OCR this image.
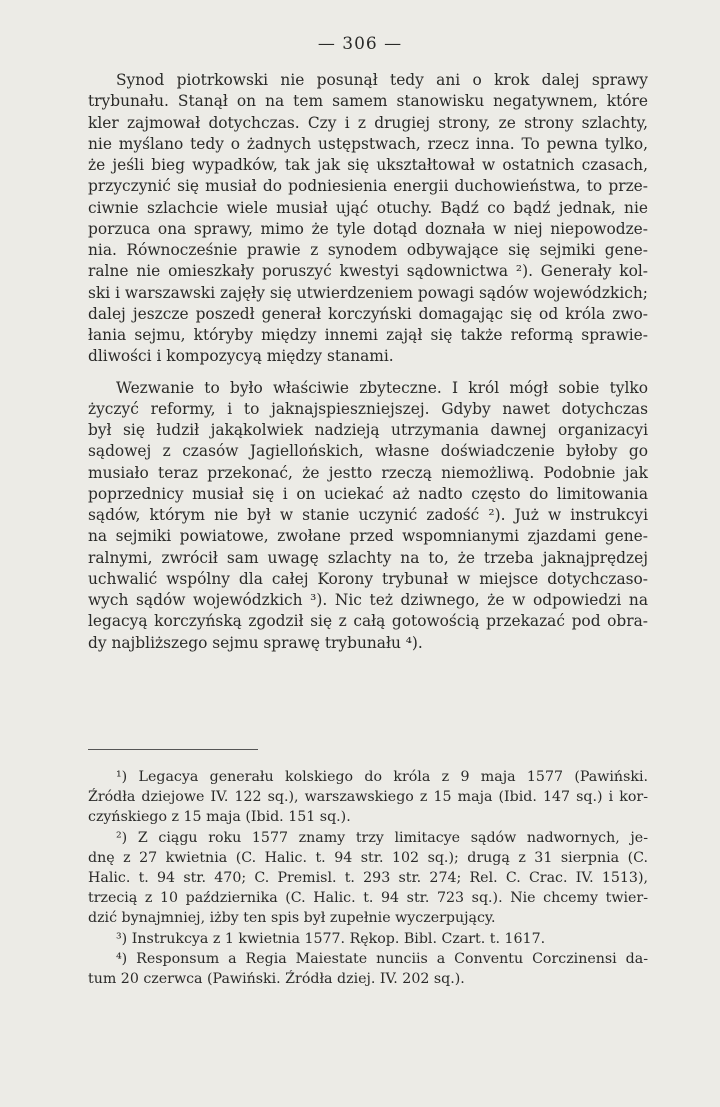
— 306 —
Synod piotrkowski nie posunął tedy ani o krok dalej sprawy
trybunału. Stanął on na tem samem stanowisku negatywnem, które
kler zajmował dotychczas. Czy i z drugiej strony, ze strony szlachty,
nie myślano tedy o żadnych ustępstwach, rzecz inna. To pewna tylko,
że jeśli bieg wypadków, tak jak się ukształtował w ostatnich czasach,
przyczynić się musiał do podniesienia energii duchowieństwa, to prze-
ciwnie szlachcie wiele musiał ująć otuchy. Bądź co bądź jednak, nie
porzuca ona sprawy, mimo że tyle dotąd doznała w niej niepowodze-
nia. Równocześnie prawie z synodem odbywające się sejmiki gene-
ralne nie omieszkały poruszyć kwestyi sądownictwa ²). Generały kol-
ski i warszawski zajęły się utwierdzeniem powagi sądów wojewódzkich;
dalej jeszcze poszedł generał korczyński domagając się od króla zwo-
łania sejmu, któryby między innemi zajął się także reformą sprawie-
dliwości i kompozycyą między stanami.
Wezwanie to było właściwie zbyteczne. I król mógł sobie tylko
życzyć reformy, i to jaknajspieszniejszej. Gdyby nawet dotychczas
był się łudził jakąkolwiek nadzieją utrzymania dawnej organizacyi
sądowej z czasów Jagiellońskich, własne doświadczenie byłoby go
musiało teraz przekonać, że jestto rzeczą niemożliwą. Podobnie jak
poprzednicy musiał się i on uciekać aż nadto często do limitowania
sądów, którym nie był w stanie uczynić zadość ²). Już w instrukcyi
na sejmiki powiatowe, zwołane przed wspomnianymi zjazdami gene-
ralnymi, zwrócił sam uwagę szlachty na to, że trzeba jaknajprędzej
uchwalić wspólny dla całej Korony trybunał w miejsce dotychczaso-
wych sądów wojewódzkich ³). Nic też dziwnego, że w odpowiedzi na
legacyą korczyńską zgodził się z całą gotowością przekazać pod obra-
dy najbliższego sejmu sprawę trybunału ⁴).
¹) Legacya generału kolskiego do króla z 9 maja 1577 (Pawiński.
Źródła dziejowe IV. 122 sq.), warszawskiego z 15 maja (Ibid. 147 sq.) i kor-
czyńskiego z 15 maja (Ibid. 151 sq.).
²) Z ciągu roku 1577 znamy trzy limitacye sądów nadwornych, je-
dnę z 27 kwietnia (C. Halic. t. 94 str. 102 sq.); drugą z 31 sierpnia (C.
Halic. t. 94 str. 470; C. Premisl. t. 293 str. 274; Rel. C. Crac. IV. 1513),
trzecią z 10 października (C. Halic. t. 94 str. 723 sq.). Nie chcemy twier-
dzić bynajmniej, iżby ten spis był zupełnie wyczerpujący.
³) Instrukcya z 1 kwietnia 1577. Rękop. Bibl. Czart. t. 1617.
⁴) Responsum a Regia Maiestate nunciis a Conventu Corczinensi da-
tum 20 czerwca (Pawiński. Źródła dziej. IV. 202 sq.).
